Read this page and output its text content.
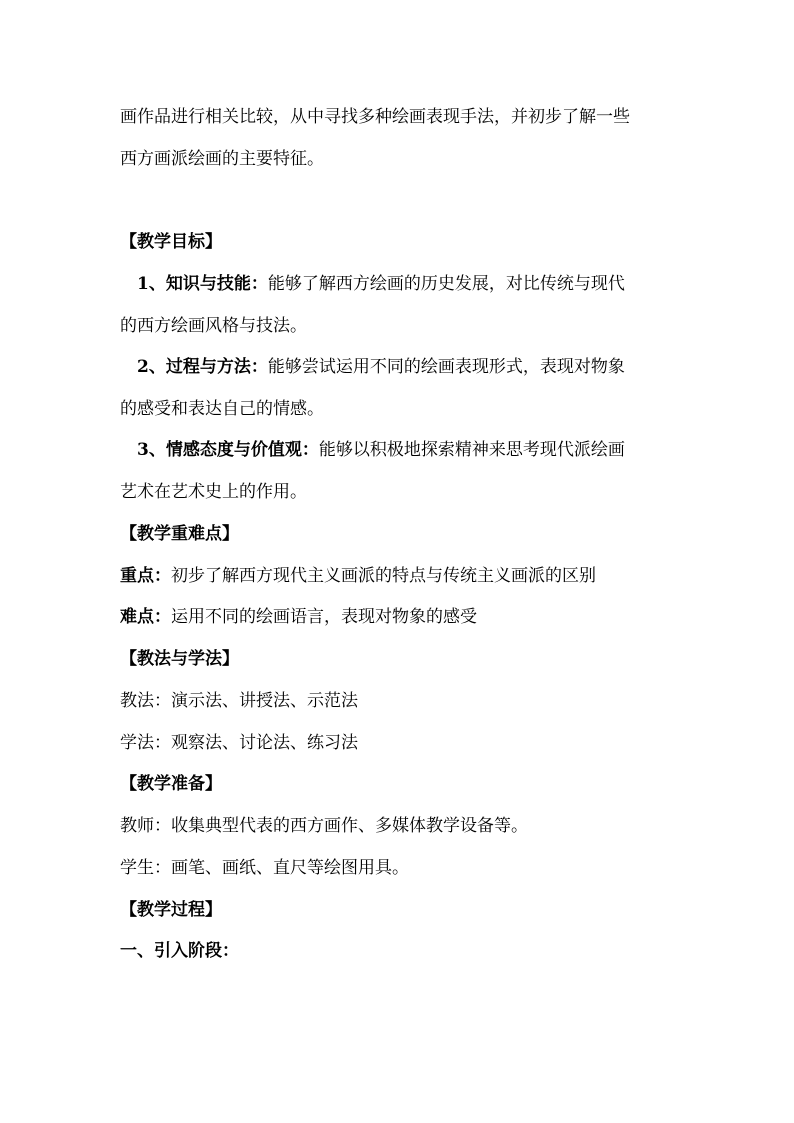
画作品进行相关比较，从中寻找多种绘画表现手法，并初步了解一些
西方画派绘画的主要特征。
【教学目标】
1、知识与技能：能够了解西方绘画的历史发展，对比传统与现代
的西方绘画风格与技法。
2、过程与方法：能够尝试运用不同的绘画表现形式，表现对物象
的感受和表达自己的情感。
3、情感态度与价值观：能够以积极地探索精神来思考现代派绘画
艺术在艺术史上的作用。
【教学重难点】
重点：初步了解西方现代主义画派的特点与传统主义画派的区别
难点：运用不同的绘画语言，表现对物象的感受
【教法与学法】
教法：演示法、讲授法、示范法
学法：观察法、讨论法、练习法
【教学准备】
教师：收集典型代表的西方画作、多媒体教学设备等。
学生：画笔、画纸、直尺等绘图用具。
【教学过程】
一、引入阶段：
